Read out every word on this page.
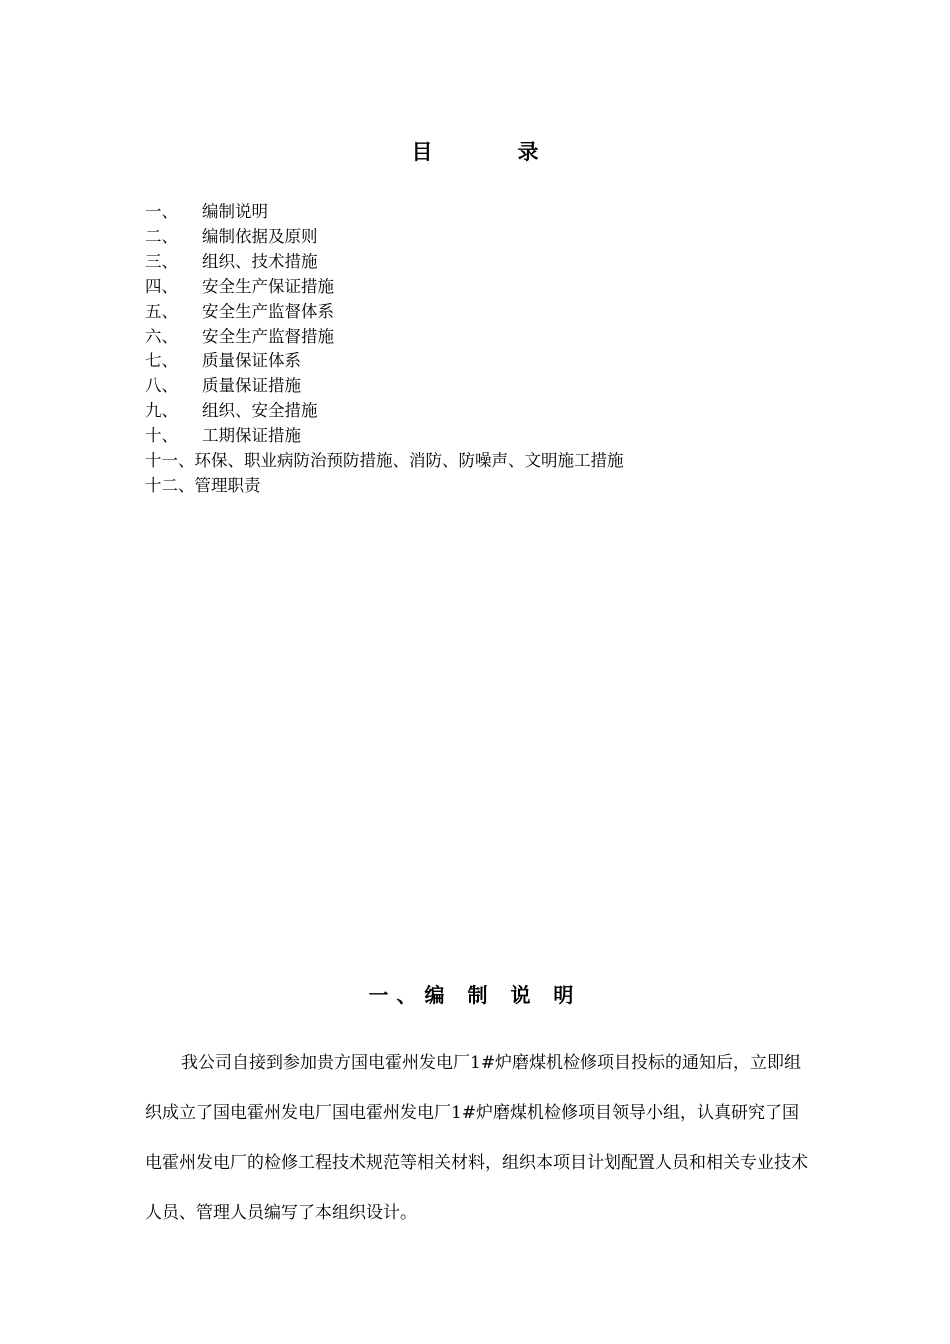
目　录
一、	编制说明
二、	编制依据及原则
三、	组织、技术措施
四、	安全生产保证措施
五、	安全生产监督体系
六、	安全生产监督措施
七、	质量保证体系
八、	质量保证措施
九、	组织、安全措施
十、	工期保证措施
十一、 环保、职业病防治预防措施、消防、防噪声、文明施工措施
十二、 管理职责
一、编 制 说 明

我公司自接到参加贵方国电霍州发电厂1#炉磨煤机检修项目投标的通知后，立即组织成立了国电霍州发电厂国电霍州发电厂1#炉磨煤机检修项目领导小组，认真研究了国电霍州发电厂的检修工程技术规范等相关材料，组织本项目计划配置人员和相关专业技术人员、管理人员编写了本组织设计。
